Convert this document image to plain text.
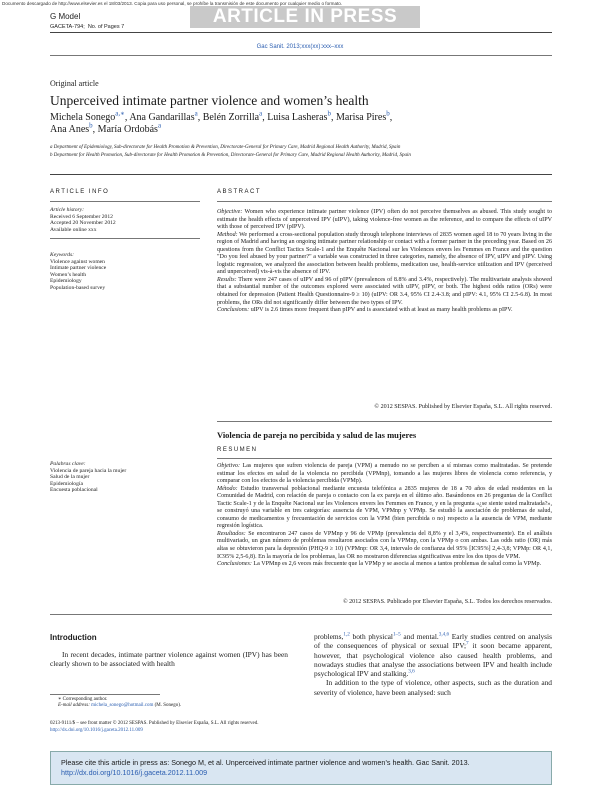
Documento descargado de http://www.elsevier.es el 18/03/2013. Copia para uso personal, se prohíbe la transmisión de este documento por cualquier medio o formato.
G Model
GACETA-794; No. of Pages 7	ARTICLE IN PRESS
Gac Sanit. 2013;xxx(xx):xxx–xxx
Original article
Unperceived intimate partner violence and women’s health
Michela Sonego$^{a,∗}$, Ana Gandarillas$^a$, Belén Zorrilla$^a$, Luisa Lasheras$^b$, Marisa Pires$^b$,
Ana Anes$^b$, María Ordobás$^a$
a Department of Epidemiology, Sub-directorate for Health Promotion & Prevention, Directorate-General for Primary Care, Madrid Regional Health Authority, Madrid, Spain
b Department for Health Promotion, Sub-directorate for Health Promotion & Prevention, Directorate-General for Primary Care, Madrid Regional Health Authority, Madrid, Spain
ARTICLE INFO	ABSTRACT
Article history:
Received 6 September 2012
Accepted 20 November 2012
Available online xxx
Keywords:
Violence against women
Intimate partner violence
Women’s health
Epidemiology
Population-based survey
Objective: Women who experience intimate partner violence (IPV) often do not perceive themselves as abused. This study sought to estimate the health effects of unperceived IPV (uIPV), taking violence-free women as the reference, and to compare the effects of uIPV with those of perceived IPV (pIPV).
Method: We performed a cross-sectional population study through telephone interviews of 2835 women aged 18 to 70 years living in the region of Madrid and having an ongoing intimate partner relationship or contact with a former partner in the preceding year. Based on 26 questions from the Conflict Tactics Scale-1 and the Enquête Nacional sur les Violences envers les Femmes en France and the question "Do you feel abused by your partner?" a variable was constructed in three categories, namely, the absence of IPV, uIPV and pIPV. Using logistic regression, we analyzed the association between health problems, medication use, health-service utilization and IPV (perceived and unperceived) vis-à-vis the absence of IPV.
Results: There were 247 cases of uIPV and 96 of pIPV (prevalences of 8.8% and 3.4%, respectively). The multivariate analysis showed that a substantial number of the outcomes explored were associated with uIPV, pIPV, or both. The highest odds ratios (ORs) were obtained for depression (Patient Health Questionnaire-9 ≥ 10) (uIPV: OR 3.4, 95% CI 2.4-3.8; and pIPV: 4.1, 95% CI 2.5-6.8). In most problems, the ORs did not significantly differ between the two types of IPV.
Conclusions: uIPV is 2.6 times more frequent than pIPV and is associated with at least as many health problems as pIPV.
© 2012 SESPAS. Published by Elsevier España, S.L. All rights reserved.
Violencia de pareja no percibida y salud de las mujeres
RESUMEN
Palabras clave:
Violencia de pareja hacia la mujer
Salud de la mujer
Epidemiología
Encuesta poblacional
Objetivo: Las mujeres que sufren violencia de pareja (VPM) a menudo no se perciben a sí mismas como maltratadas. Se pretende estimar los efectos en salud de la violencia no percibida (VPMnp), tomando a las mujeres libres de violencia como referencia, y comparar con los efectos de la violencia percibida (VPMp).
Método: Estudio transversal poblacional mediante encuesta telefónica a 2835 mujeres de 18 a 70 años de edad residentes en la Comunidad de Madrid, con relación de pareja o contacto con la ex pareja en el último año. Basándonos en 26 preguntas de la Conflict Tactic Scale-1 y de la Enquête Nacional sur les Violences envers les Femmes en France, y en la pregunta «¿se siente usted maltratada?», se construyó una variable en tres categorías: ausencia de VPM, VPMnp y VPMp. Se estudió la asociación de problemas de salud, consumo de medicamentos y frecuentación de servicios con la VPM (bien percibida o no) respecto a la ausencia de VPM, mediante regresión logística.
Resultados: Se encontraron 247 casos de VPMnp y 96 de VPMp (prevalencia del 8,8% y el 3,4%, respectivamente). En el análisis multivariado, un gran número de problemas resultaron asociados con la VPMnp, con la VPMp o con ambas. Las odds ratio (OR) más altas se obtuvieron para la depresión (PHQ-9 ≥ 10) (VPMnp: OR 3,4, intervalo de confianza del 95% [IC95%] 2,4-3,8; VPMp: OR 4,1, IC95% 2,5-6,8). En la mayoría de los problemas, las OR no mostraron diferencias significativas entre los dos tipos de VPM.
Conclusiones: La VPMnp es 2,6 veces más frecuente que la VPMp y se asocia al menos a tantos problemas de salud como la VPMp.
© 2012 SESPAS. Publicado por Elsevier España, S.L. Todos los derechos reservados.
Introduction
In recent decades, intimate partner violence against women (IPV) has been clearly shown to be associated with health
problems,$^{1,2}$ both physical$^{1-5}$ and mental.$^{3,4,6}$ Early studies centred on analysis of the consequences of physical or sexual IPV;$^7$ it soon became apparent, however, that psychological violence also caused health problems, and nowadays studies that analyse the associations between IPV and health include psychological IPV and stalking.$^{3,6}$
In addition to the type of violence, other aspects, such as the duration and severity of violence, have been analysed: such
∗ Corresponding author.
E-mail address: michela_sonego@hotmail.com (M. Sonego).
0213-9111/$ – see front matter © 2012 SESPAS. Published by Elsevier España, S.L. All rights reserved.
http://dx.doi.org/10.1016/j.gaceta.2012.11.009
Please cite this article in press as: Sonego M, et al. Unperceived intimate partner violence and women’s health. Gac Sanit. 2013.
http://dx.doi.org/10.1016/j.gaceta.2012.11.009
